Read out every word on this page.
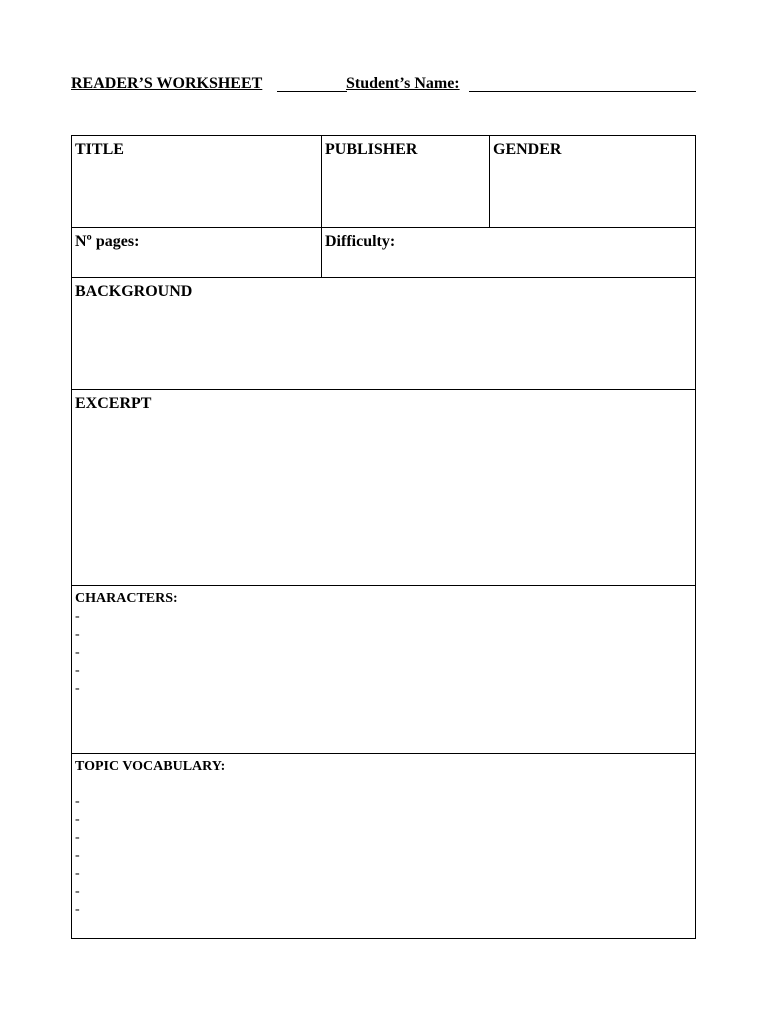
READER’S WORKSHEET	Student’s Name:
TITLE	PUBLISHER	GENDER
Nº pages:	Difficulty:
BACKGROUND
EXCERPT
CHARACTERS:
-
-
-
-
-
TOPIC VOCABULARY:
-
-
-
-
-
-
-
